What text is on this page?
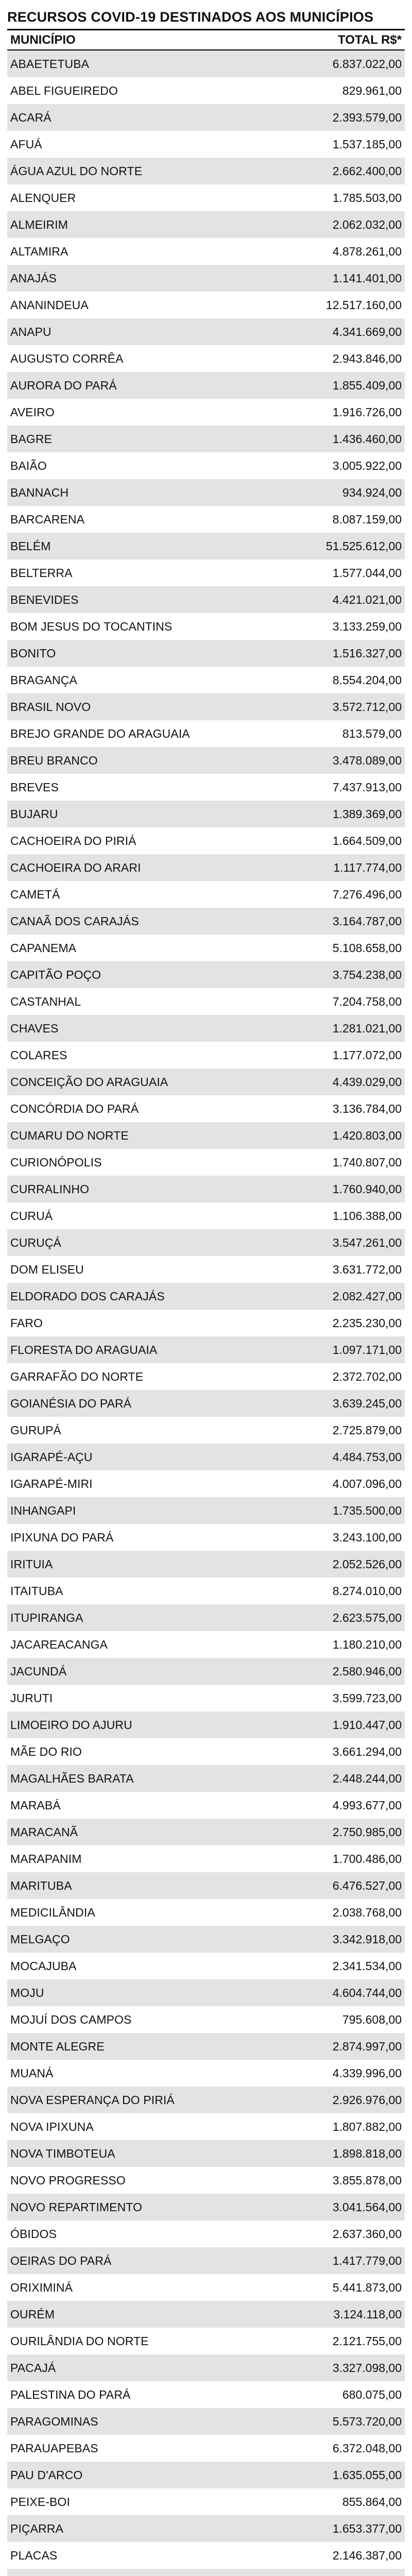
RECURSOS COVID-19 DESTINADOS AOS MUNICÍPIOS
MUNICÍPIO	TOTAL R$*
ABAETETUBA	6.837.022,00
ABEL FIGUEIREDO	829.961,00
ACARÁ	2.393.579,00
AFUÁ	1.537.185,00
ÁGUA AZUL DO NORTE	2.662.400,00
ALENQUER	1.785.503,00
ALMEIRIM	2.062.032,00
ALTAMIRA	4.878.261,00
ANAJÁS	1.141.401,00
ANANINDEUA	12.517.160,00
ANAPU	4.341.669,00
AUGUSTO CORRÊA	2.943.846,00
AURORA DO PARÁ	1.855.409,00
AVEIRO	1.916.726,00
BAGRE	1.436.460,00
BAIÃO	3.005.922,00
BANNACH	934.924,00
BARCARENA	8.087.159,00
BELÉM	51.525.612,00
BELTERRA	1.577.044,00
BENEVIDES	4.421.021,00
BOM JESUS DO TOCANTINS	3.133.259,00
BONITO	1.516.327,00
BRAGANÇA	8.554.204,00
BRASIL NOVO	3.572.712,00
BREJO GRANDE DO ARAGUAIA	813.579,00
BREU BRANCO	3.478.089,00
BREVES	7.437.913,00
BUJARU	1.389.369,00
CACHOEIRA DO PIRIÁ	1.664.509,00
CACHOEIRA DO ARARI	1.117.774,00
CAMETÁ	7.276.496,00
CANAÃ DOS CARAJÁS	3.164.787,00
CAPANEMA	5.108.658,00
CAPITÃO POÇO	3.754.238,00
CASTANHAL	7.204.758,00
CHAVES	1.281.021,00
COLARES	1.177.072,00
CONCEIÇÃO DO ARAGUAIA	4.439.029,00
CONCÓRDIA DO PARÁ	3.136.784,00
CUMARU DO NORTE	1.420.803,00
CURIONÓPOLIS	1.740.807,00
CURRALINHO	1.760.940,00
CURUÁ	1.106.388,00
CURUÇÁ	3.547.261,00
DOM ELISEU	3.631.772,00
ELDORADO DOS CARAJÁS	2.082.427,00
FARO	2.235.230,00
FLORESTA DO ARAGUAIA	1.097.171,00
GARRAFÃO DO NORTE	2.372.702,00
GOIANÉSIA DO PARÁ	3.639.245,00
GURUPÁ	2.725.879,00
IGARAPÉ-AÇU	4.484.753,00
IGARAPÉ-MIRI	4.007.096,00
INHANGAPI	1.735.500,00
IPIXUNA DO PARÁ	3.243.100,00
IRITUIA	2.052.526,00
ITAITUBA	8.274.010,00
ITUPIRANGA	2.623.575,00
JACAREACANGA	1.180.210,00
JACUNDÁ	2.580.946,00
JURUTI	3.599.723,00
LIMOEIRO DO AJURU	1.910.447,00
MÃE DO RIO	3.661.294,00
MAGALHÃES BARATA	2.448.244,00
MARABÁ	4.993.677,00
MARACANÃ	2.750.985,00
MARAPANIM	1.700.486,00
MARITUBA	6.476.527,00
MEDICILÂNDIA	2.038.768,00
MELGAÇO	3.342.918,00
MOCAJUBA	2.341.534,00
MOJU	4.604.744,00
MOJUÍ DOS CAMPOS	795.608,00
MONTE ALEGRE	2.874.997,00
MUANÁ	4.339.996,00
NOVA ESPERANÇA DO PIRIÁ	2.926.976,00
NOVA IPIXUNA	1.807.882,00
NOVA TIMBOTEUA	1.898.818,00
NOVO PROGRESSO	3.855.878,00
NOVO REPARTIMENTO	3.041.564,00
ÓBIDOS	2.637.360,00
OEIRAS DO PARÁ	1.417.779,00
ORIXIMINÁ	5.441.873,00
OURÉM	3.124.118,00
OURILÂNDIA DO NORTE	2.121.755,00
PACAJÁ	3.327.098,00
PALESTINA DO PARÁ	680.075,00
PARAGOMINAS	5.573.720,00
PARAUAPEBAS	6.372.048,00
PAU D'ARCO	1.635.055,00
PEIXE-BOI	855.864,00
PIÇARRA	1.653.377,00
PLACAS	2.146.387,00
